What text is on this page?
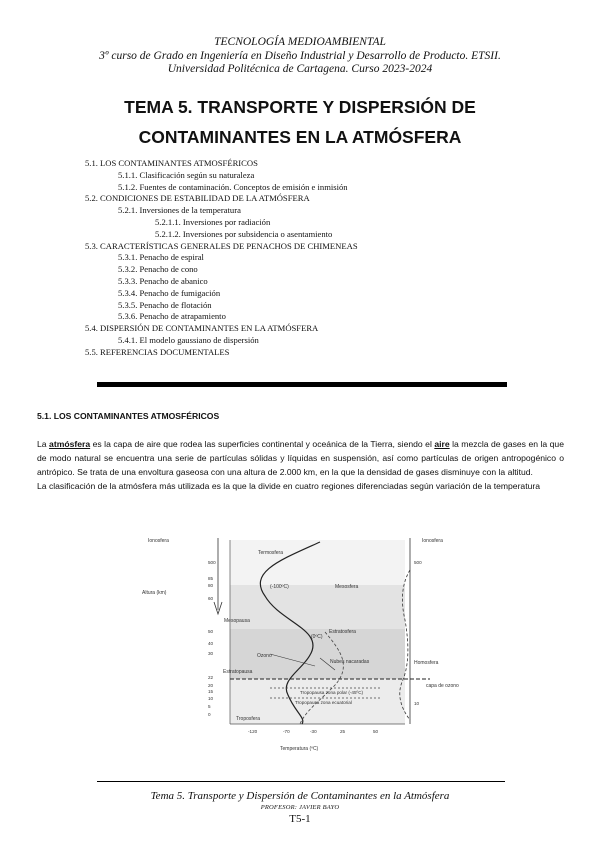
TECNOLOGÍA MEDIOAMBIENTAL
3º curso de Grado en Ingeniería en Diseño Industrial y Desarrollo de Producto. ETSII.
Universidad Politécnica de Cartagena. Curso 2023-2024
TEMA 5. TRANSPORTE Y DISPERSIÓN DE
CONTAMINANTES EN LA ATMÓSFERA
5.1. LOS CONTAMINANTES ATMOSFÉRICOS
5.1.1. Clasificación según su naturaleza
5.1.2. Fuentes de contaminación. Conceptos de emisión e inmisión
5.2. CONDICIONES DE ESTABILIDAD DE LA ATMÓSFERA
5.2.1. Inversiones de la temperatura
5.2.1.1. Inversiones por radiación
5.2.1.2. Inversiones por subsidencia o asentamiento
5.3. CARACTERÍSTICAS GENERALES DE PENACHOS DE CHIMENEAS
5.3.1. Penacho de espiral
5.3.2. Penacho de cono
5.3.3. Penacho de abanico
5.3.4. Penacho de fumigación
5.3.5. Penacho de flotación
5.3.6. Penacho de atrapamiento
5.4. DISPERSIÓN DE CONTAMINANTES EN LA ATMÓSFERA
5.4.1. El modelo gaussiano de dispersión
5.5. REFERENCIAS DOCUMENTALES
5.1. LOS CONTAMINANTES ATMOSFÉRICOS

La atmósfera es la capa de aire que rodea las superficies continental y oceánica de la Tierra, siendo el aire la mezcla de gases en la que de modo natural se encuentra una serie de partículas sólidas y líquidas en suspensión, así como partículas de origen antropogénico o antrópico. Se trata de una envoltura gaseosa con una altura de 2.000 km, en la que la densidad de gases disminuye con la altitud.

La clasificación de la atmósfera más utilizada es la que la divide en cuatro regiones diferenciadas según variación de la temperatura

Ionosfera	Ionosfera
Altura (km)
500
85
80
60
50
40
30
22
20
15
10
5
0
500
10
Termosfera
Mesosfera
Estratosfera
Troposfera
Mesopausa
Estratopausa
(-100ºC)
(0ºC)
Ozono
Nubes nacaradas
Tropopausa zona polar (-45ºC)
Tropopausa zona ecuatorial
capa de ozono
Homosfera
-120	-70	-30	25	50
Temperatura (ºC)
Tema 5. Transporte y Dispersión de Contaminantes en la Atmósfera
PROFESOR: JAVIER BAYO
T5-1
